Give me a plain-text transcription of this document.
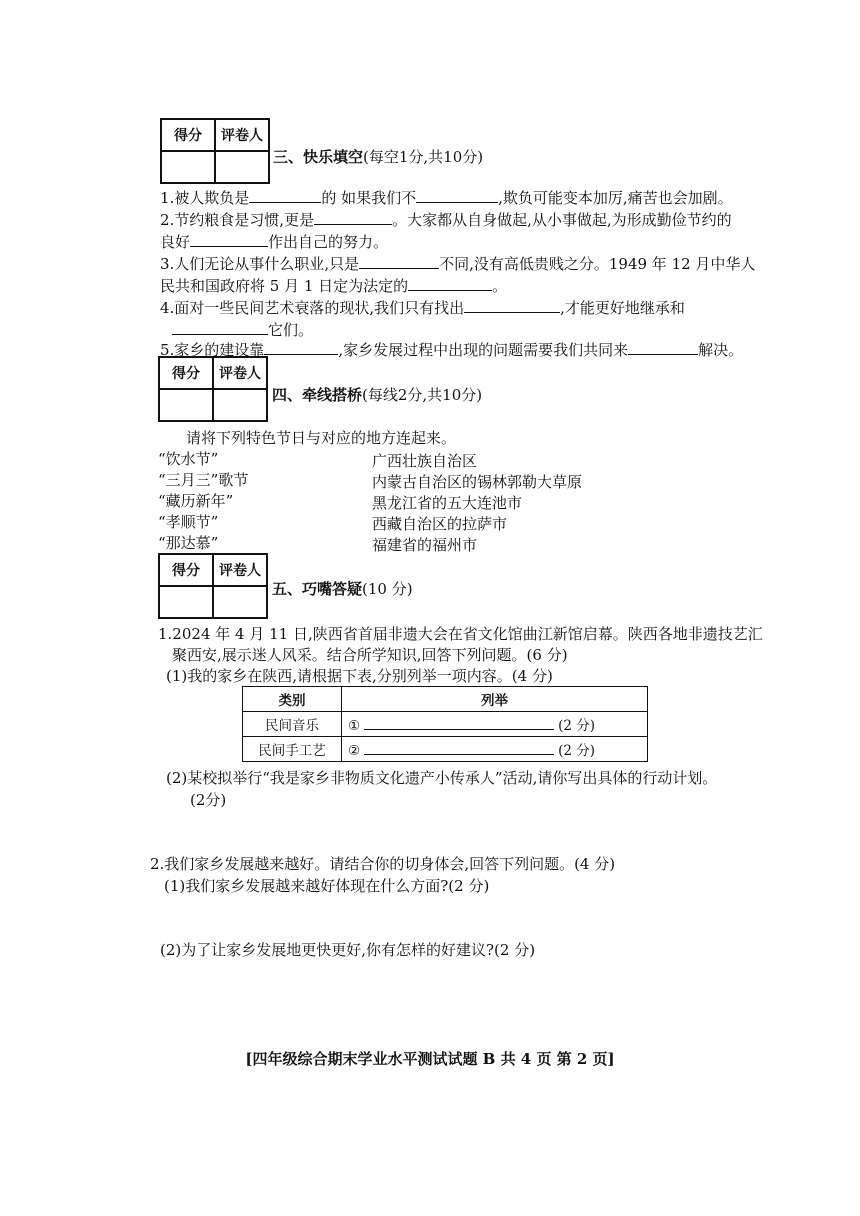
得分	评卷人

三、快乐填空(每空1分,共10分)
1.被人欺负是	的 如果我们不	,欺负可能变本加厉,痛苦也会加剧。
2.节约粮食是习惯,更是	。大家都从自身做起,从小事做起,为形成勤俭节约的
良好	作出自己的努力。
3.人们无论从事什么职业,只是	不同,没有高低贵贱之分。1949 年 12 月中华人
民共和国政府将 5 月 1 日定为法定的	。
4.面对一些民间艺术衰落的现状,我们只有找出	,才能更好地继承和
它们。
5.家乡的建设靠	,家乡发展过程中出现的问题需要我们共同来	解决。
得分	评卷人

四、牵线搭桥(每线2分,共10分)
请将下列特色节日与对应的地方连起来。
“饮水节”
“三月三”歌节
“藏历新年”
“孝顺节”
“那达慕”
广西壮族自治区
内蒙古自治区的锡林郭勒大草原
黑龙江省的五大连池市
西藏自治区的拉萨市
福建省的福州市
得分	评卷人

五、巧嘴答疑(10 分)
1.2024 年 4 月 11 日,陕西省首届非遗大会在省文化馆曲江新馆启幕。陕西各地非遗技艺汇
聚西安,展示迷人风采。结合所学知识,回答下列问题。(6 分)
(1)我的家乡在陕西,请根据下表,分别列举一项内容。(4 分)
类别	列举
民间音乐	① (2 分)
民间手工艺	② (2 分)
(2)某校拟举行“我是家乡非物质文化遗产小传承人”活动,请你写出具体的行动计划。
(2分)
2.我们家乡发展越来越好。请结合你的切身体会,回答下列问题。(4 分)
(1)我们家乡发展越来越好体现在什么方面?(2 分)
(2)为了让家乡发展地更快更好,你有怎样的好建议?(2 分)
[四年级综合期末学业水平测试试题 B 共 4 页 第 2 页]
